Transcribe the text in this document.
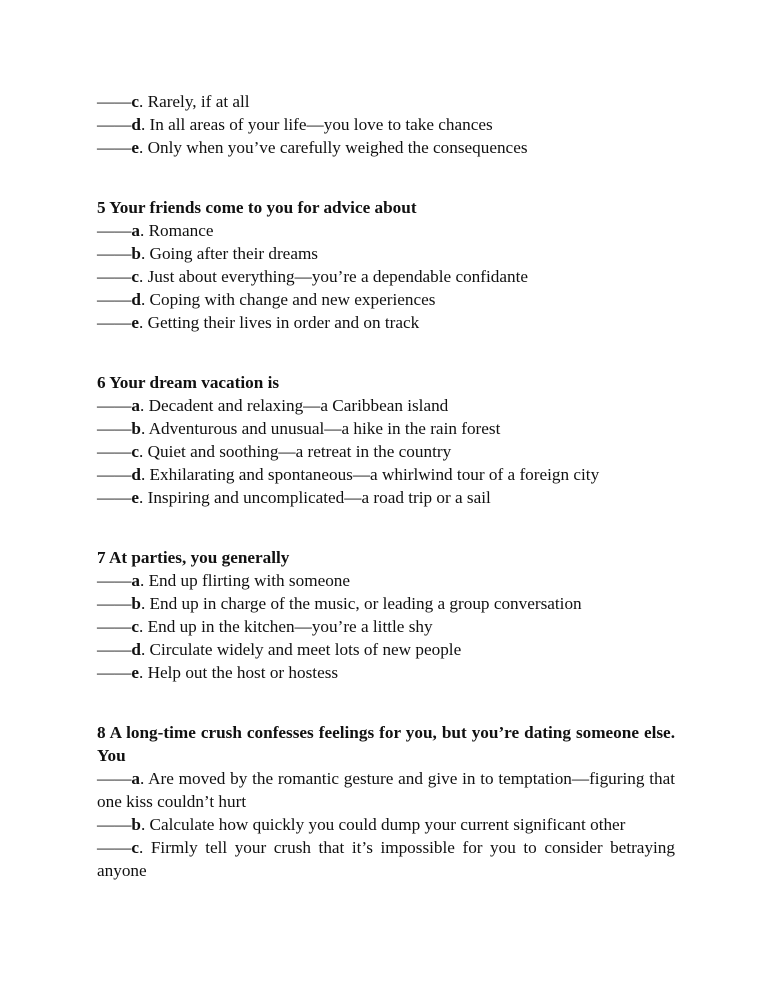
——c. Rarely, if at all
——d. In all areas of your life—you love to take chances
——e. Only when you’ve carefully weighed the consequences
5 Your friends come to you for advice about
——a. Romance
——b. Going after their dreams
——c. Just about everything—you’re a dependable confidante
——d. Coping with change and new experiences
——e. Getting their lives in order and on track
6 Your dream vacation is
——a. Decadent and relaxing—a Caribbean island
——b. Adventurous and unusual—a hike in the rain forest
——c. Quiet and soothing—a retreat in the country
——d. Exhilarating and spontaneous—a whirlwind tour of a foreign city
——e. Inspiring and uncomplicated—a road trip or a sail
7 At parties, you generally
——a. End up flirting with someone
——b. End up in charge of the music, or leading a group conversation
——c. End up in the kitchen—you’re a little shy
——d. Circulate widely and meet lots of new people
——e. Help out the host or hostess
8 A long-time crush confesses feelings for you, but you’re dating someone else. You
——a. Are moved by the romantic gesture and give in to temptation—figuring that one kiss couldn’t hurt
——b. Calculate how quickly you could dump your current significant other
——c. Firmly tell your crush that it’s impossible for you to consider betraying anyone
